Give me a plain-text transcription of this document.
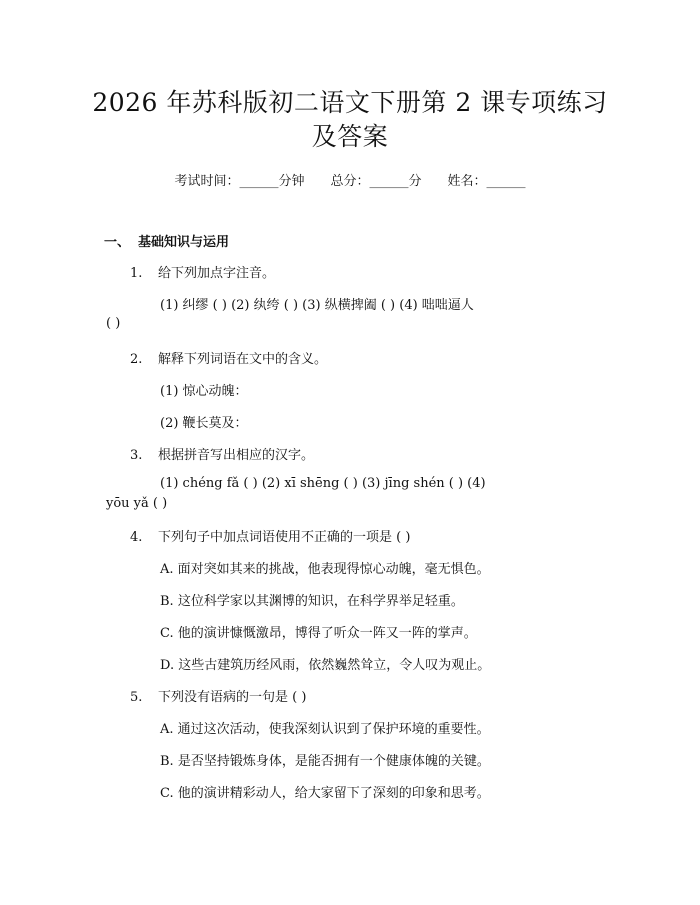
2026 年苏科版初二语文下册第 2 课专项练习
及答案
考试时间：______分钟 总分：______分 姓名：______
一、 基础知识与运用
1. 给下列加点字注音。
(1) 纠缪 ( ) (2) 纨绔 ( ) (3) 纵横捭阖 ( ) (4) 咄咄逼人
( )
2. 解释下列词语在文中的含义。
(1) 惊心动魄：
(2) 鞭长莫及：
3. 根据拼音写出相应的汉字。
(1) chéng fǎ ( ) (2) xī shēng ( ) (3) jīng shén ( ) (4)
yōu yǎ ( )
4. 下列句子中加点词语使用不正确的一项是 ( )
A. 面对突如其来的挑战，他表现得惊心动魄，毫无惧色。
B. 这位科学家以其渊博的知识，在科学界举足轻重。
C. 他的演讲慷慨激昂，博得了听众一阵又一阵的掌声。
D. 这些古建筑历经风雨，依然巍然耸立，令人叹为观止。
5. 下列没有语病的一句是 ( )
A. 通过这次活动，使我深刻认识到了保护环境的重要性。
B. 是否坚持锻炼身体，是能否拥有一个健康体魄的关键。
C. 他的演讲精彩动人，给大家留下了深刻的印象和思考。
